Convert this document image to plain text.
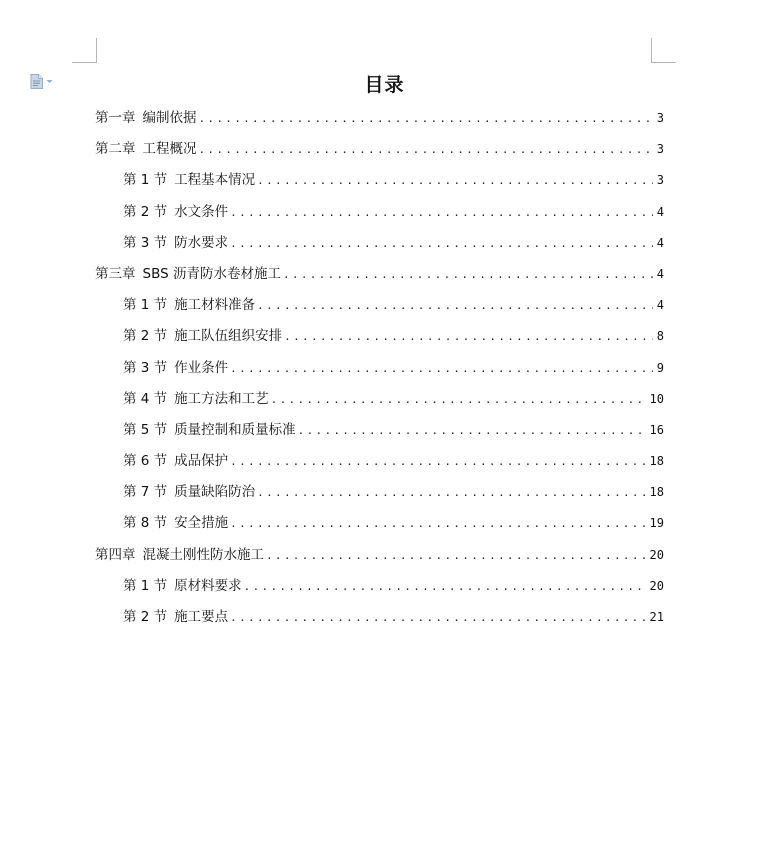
目录
第一章 编制依据 .....	3
第二章 工程概况 .....	3
第 1 节 工程基本情况 .....	3
第 2 节 水文条件 .....	4
第 3 节 防水要求 .....	4
第三章 SBS 沥青防水卷材施工 .....	4
第 1 节 施工材料准备 .....	4
第 2 节 施工队伍组织安排 .....	8
第 3 节 作业条件 .....	9
第 4 节 施工方法和工艺 .....	10
第 5 节 质量控制和质量标准 .....	16
第 6 节 成品保护 .....	18
第 7 节 质量缺陷防治 .....	18
第 8 节 安全措施 .....	19
第四章 混凝土刚性防水施工 .....	20
第 1 节 原材料要求 .....	20
第 2 节 施工要点 .....	21
